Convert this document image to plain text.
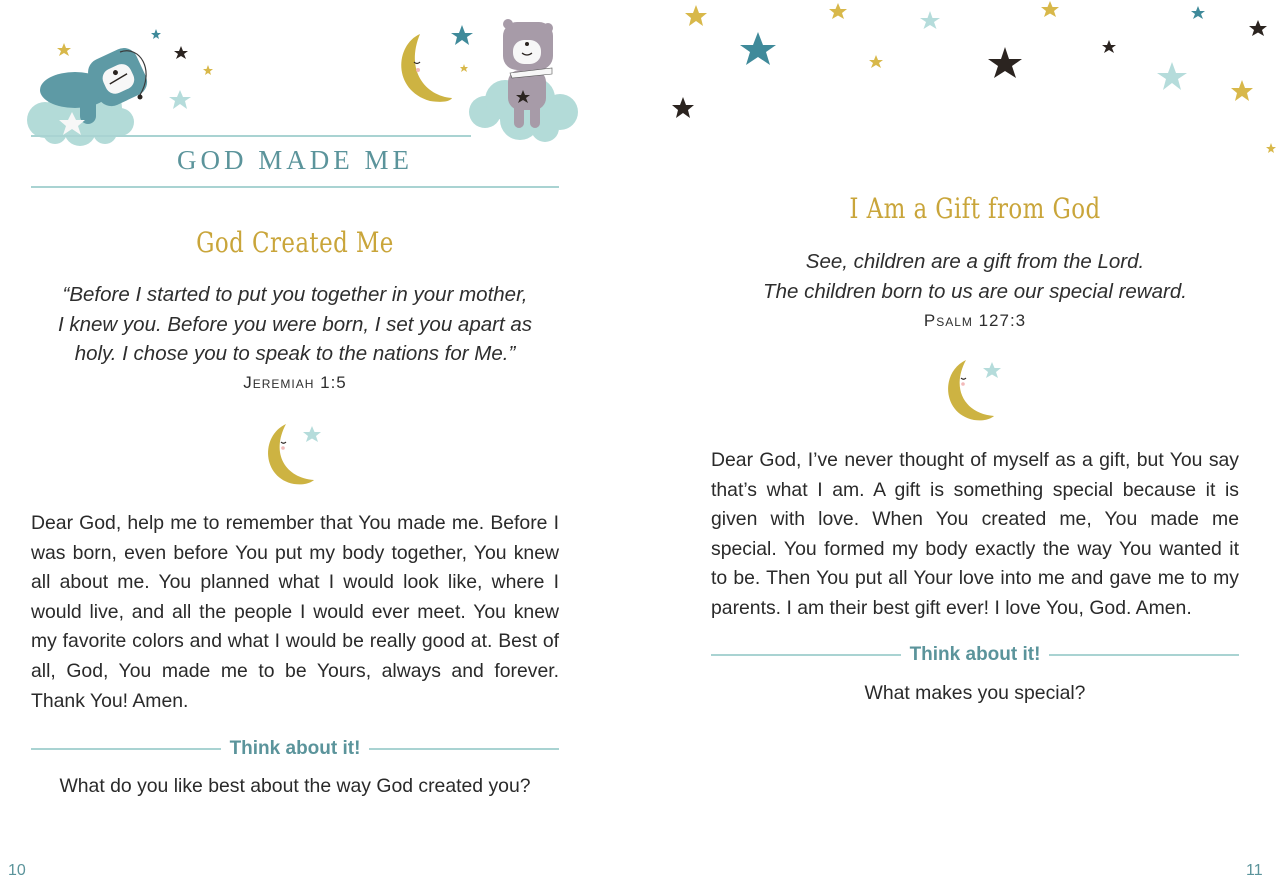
GOD MADE ME
God Created Me
“Before I started to put you together in your mother,
I knew you. Before you were born, I set you apart as
holy. I chose you to speak to the nations for Me.”
Jeremiah 1:5
Dear God, help me to remember that You made me. Before I was born, even before You put my body together, You knew all about me. You planned what I would look like, where I would live, and all the people I would ever meet. You knew my favorite colors and what I would be really good at. Best of all, God, You made me to be Yours, always and forever. Thank You! Amen.
Think about it!
What do you like best about the way God created you?
10
I Am a Gift from God
See, children are a gift from the Lord.
The children born to us are our special reward.
Psalm 127:3
Dear God, I’ve never thought of myself as a gift, but You say that’s what I am. A gift is something special because it is given with love. When You created me, You made me special. You formed my body exactly the way You wanted it to be. Then You put all Your love into me and gave me to my parents. I am their best gift ever! I love You, God. Amen.
Think about it!
What makes you special?
11
